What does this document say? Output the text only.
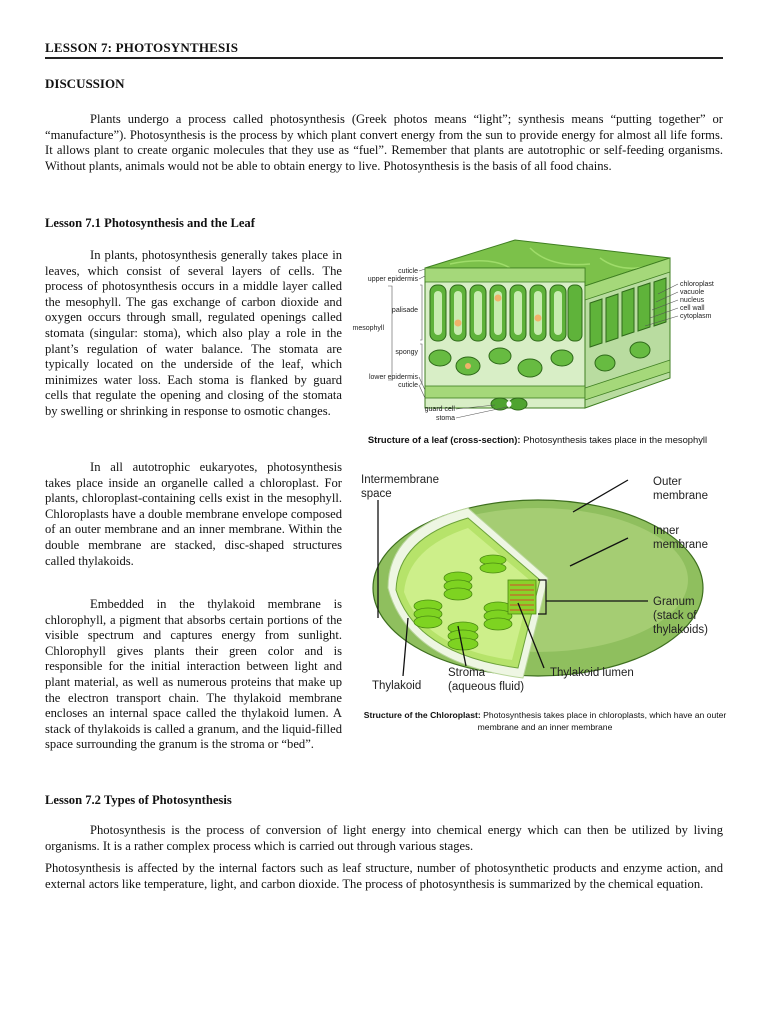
LESSON 7: PHOTOSYNTHESIS
DISCUSSION

Plants undergo a process called photosynthesis (Greek photos means “light”; synthesis means “putting together” or “manufacture”). Photosynthesis is the process by which plant convert energy from the sun to provide energy for almost all life forms. It allows plant to create organic molecules that they use as “fuel”. Remember that plants are autotrophic or self-feeding organisms. Without plants, animals would not be able to obtain energy to live. Photosynthesis is the basis of all food chains.

Lesson 7.1 Photosynthesis and the Leaf

In plants, photosynthesis generally takes place in leaves, which consist of several layers of cells. The process of photosynthesis occurs in a middle layer called the mesophyll. The gas exchange of carbon dioxide and oxygen occurs through small, regulated openings called stomata (singular: stoma), which also play a role in the plant’s regulation of water balance. The stomata are typically located on the underside of the leaf, which minimizes water loss. Each stoma is flanked by guard cells that regulate the opening and closing of the stomata by swelling or shrinking in response to osmotic changes.

In all autotrophic eukaryotes, photosynthesis takes place inside an organelle called a chloroplast. For plants, chloroplast-containing cells exist in the mesophyll. Chloroplasts have a double membrane envelope composed of an outer membrane and an inner membrane. Within the double membrane are stacked, disc-shaped structures called thylakoids.

Embedded in the thylakoid membrane is chlorophyll, a pigment that absorbs certain portions of the visible spectrum and captures energy from sunlight. Chlorophyll gives plants their green color and is responsible for the initial interaction between light and plant material, as well as numerous proteins that make up the electron transport chain. The thylakoid membrane encloses an internal space called the thylakoid lumen. A stack of thylakoids is called a granum, and the liquid-filled space surrounding the granum is the stroma or “bed”.

cuticle
upper epidermis
palisade
mesophyll
spongy
lower epidermis
cuticle
guard cell
stoma
chloroplast
vacuole
nucleus
cell wall
cytoplasm
Structure of a leaf (cross-section): Photosynthesis takes place in the mesophyll
Intermembrane
space
Outer
membrane
Inner
membrane
Granum
(stack of
thylakoids)
Thylakoid
Stroma
(aqueous fluid)
Thylakoid lumen
Structure of the Chloroplast: Photosynthesis takes place in chloroplasts, which have an outer membrane and an inner membrane
Lesson 7.2 Types of Photosynthesis

Photosynthesis is the process of conversion of light energy into chemical energy which can then be utilized by living organisms. It is a rather complex process which is carried out through various stages.

Photosynthesis is affected by the internal factors such as leaf structure, number of photosynthetic products and enzyme action, and external actors like temperature, light, and carbon dioxide. The process of photosynthesis is summarized by the chemical equation.
